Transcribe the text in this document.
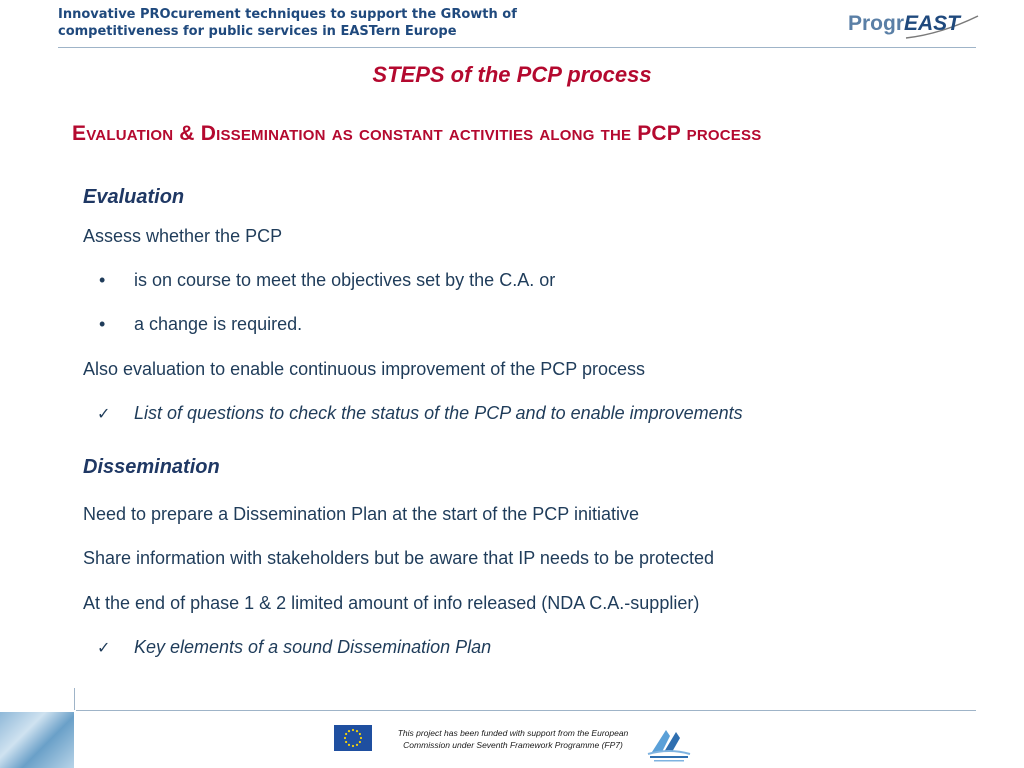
Innovative PROcurement techniques to support the GRowth of
competitiveness for public services in EASTern Europe	Progr EAST
STEPS of the PCP process
Evaluation & Dissemination as constant activities along the PCP process
Evaluation
Assess whether the PCP
• is on course to meet the objectives set by the C.A. or
• a change is required.
Also evaluation to enable continuous improvement of the PCP process
✓ List of questions to check the status of the PCP and to enable improvements
Dissemination
Need to prepare a Dissemination Plan at the start of the PCP initiative
Share information with stakeholders but be aware that IP needs to be protected
At the end of phase 1 & 2 limited amount of info released (NDA C.A.-supplier)
✓ Key elements of a sound Dissemination Plan
This project has been funded with support from the European
Commission under Seventh Framework Programme (FP7)
